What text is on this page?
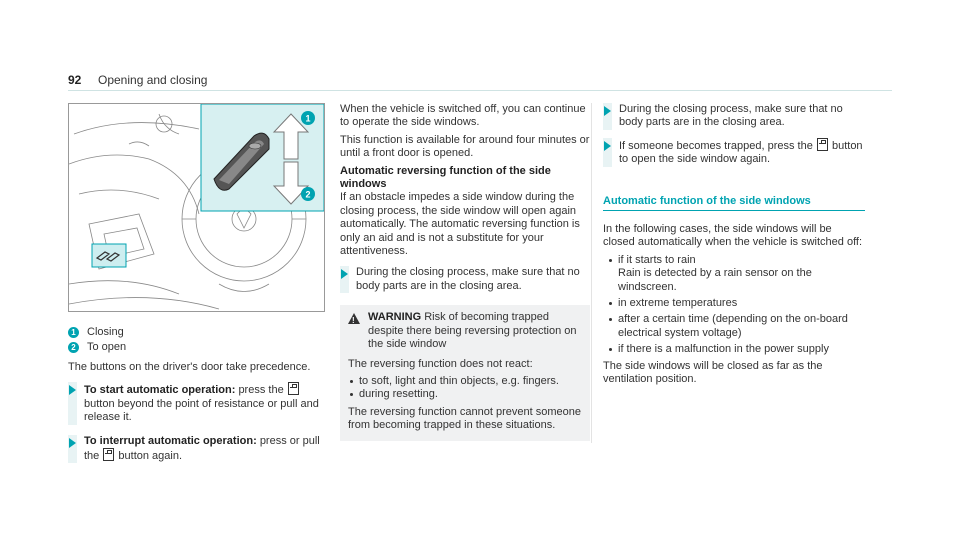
92 Opening and closing
1
2
1 Closing
2 To open

The buttons on the driver's door take precedence.

To start automatic operation: press the  button beyond the point of resistance or pull and release it.
To interrupt automatic operation: press or pull the button again.

When the vehicle is switched off, you can continue to operate the side windows.

This function is available for around four minutes or until a front door is opened.

Automatic reversing function of the side windows

If an obstacle impedes a side window during the closing process, the side window will open again automatically. The automatic reversing function is only an aid and is not a substitute for your attentiveness.

During the closing process, make sure that no body parts are in the closing area.
!
WARNING Risk of becoming trapped despite there being reversing protection on the side window

The reversing function does not react:

to soft, light and thin objects, e.g. fingers.
during resetting.

The reversing function cannot prevent someone from becoming trapped in these situations.

During the closing process, make sure that no body parts are in the closing area.
If someone becomes trapped, press the button to open the side window again.
Automatic function of the side windows

In the following cases, the side windows will be closed automatically when the vehicle is switched off:

if it starts to rain
Rain is detected by a rain sensor on the windscreen.
in extreme temperatures
after a certain time (depending on the on-board electrical system voltage)
if there is a malfunction in the power supply

The side windows will be closed as far as the ventilation position.
